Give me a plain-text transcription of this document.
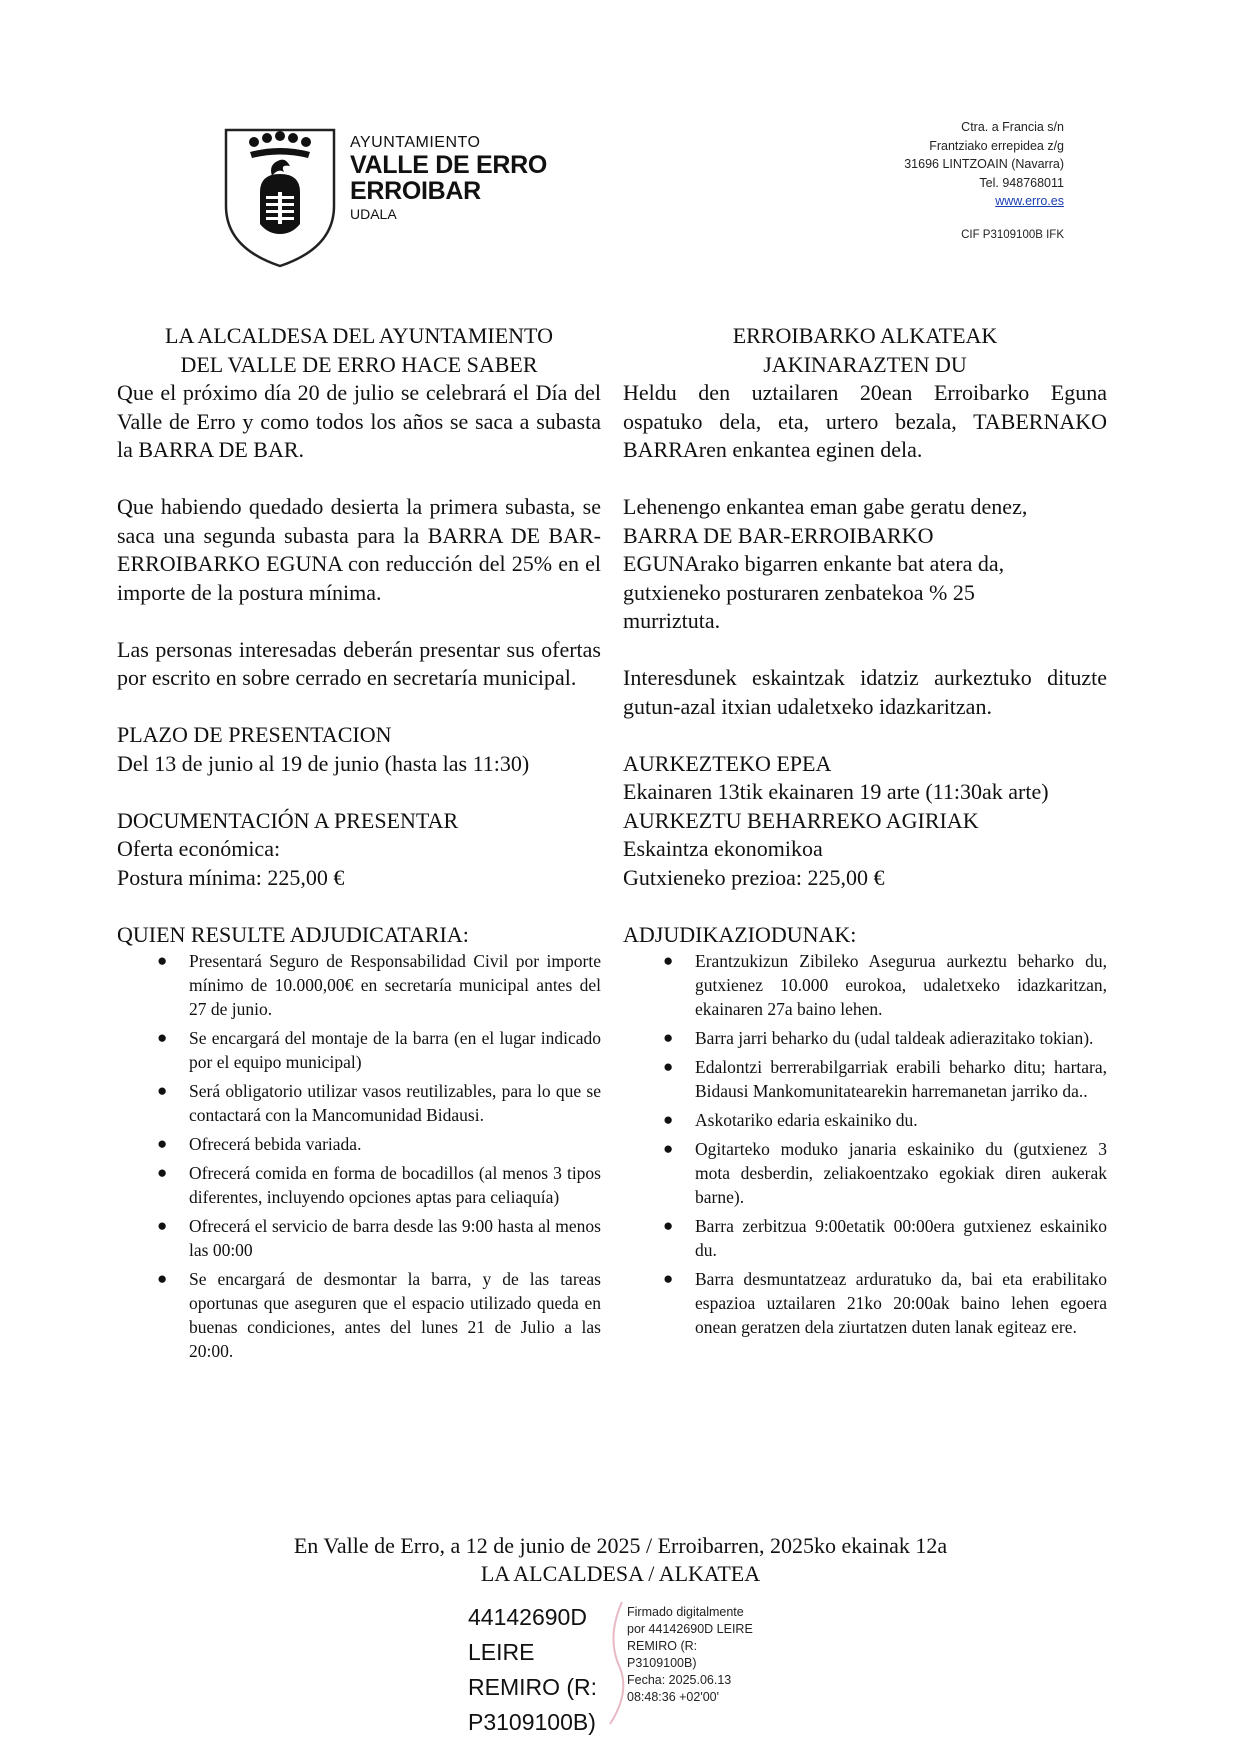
AYUNTAMIENTO
VALLE DE ERRO
ERROIBAR
UDALA
Ctra. a Francia s/n
Frantziako errepidea z/g
31696 LINTZOAIN (Navarra)
Tel. 948768011
www.erro.es
CIF P3109100B IFK
LA ALCALDESA DEL AYUNTAMIENTO
DEL VALLE DE ERRO HACE SABER

Que el próximo día 20 de julio se celebrará el Día del Valle de Erro y como todos los años se saca a subasta la BARRA DE BAR.

Que habiendo quedado desierta la primera subasta, se saca una segunda subasta para la BARRA DE BAR-ERROIBARKO EGUNA con reducción del 25% en el importe de la postura mínima.

Las personas interesadas deberán presentar sus ofertas por escrito en sobre cerrado en secretaría municipal.

PLAZO DE PRESENTACION

Del 13 de junio al 19 de junio (hasta las 11:30)

DOCUMENTACIÓN A PRESENTAR
Oferta económica:

Postura mínima: 225,00 €

QUIEN RESULTE ADJUDICATARIA:
● Presentará Seguro de Responsabilidad Civil por importe mínimo de 10.000,00€ en secretaría municipal antes del 27 de junio.
● Se encargará del montaje de la barra (en el lugar indicado por el equipo municipal)
● Será obligatorio utilizar vasos reutilizables, para lo que se contactará con la Mancomunidad Bidausi.
● Ofrecerá bebida variada.
● Ofrecerá comida en forma de bocadillos (al menos 3 tipos diferentes, incluyendo opciones aptas para celiaquía)
● Ofrecerá el servicio de barra desde las 9:00 hasta al menos las 00:00
● Se encargará de desmontar la barra, y de las tareas oportunas que aseguren que el espacio utilizado queda en buenas condiciones, antes del lunes 21 de Julio a las 20:00.
ERROIBARKO ALKATEAK
JAKINARAZTEN DU

Heldu den uztailaren 20ean Erroibarko Eguna ospatuko dela, eta, urtero bezala, TABERNAKO BARRAren enkantea eginen dela.

Lehenengo enkantea eman gabe geratu denez,
BARRA DE BAR-ERROIBARKO
EGUNArako bigarren enkante bat atera da,
gutxieneko posturaren zenbatekoa % 25

murriztuta.

Interesdunek eskaintzak idatziz aurkeztuko dituzte gutun-azal itxian udaletxeko idazkaritzan.

AURKEZTEKO EPEA
Ekainaren 13tik ekainaren 19 arte (11:30ak arte)
AURKEZTU BEHARREKO AGIRIAK
Eskaintza ekonomikoa

Gutxieneko prezioa: 225,00 €

ADJUDIKAZIODUNAK:
● Erantzukizun Zibileko Asegurua aurkeztu beharko du, gutxienez 10.000 eurokoa, udaletxeko idazkaritzan, ekainaren 27a baino lehen.
● Barra jarri beharko du (udal taldeak adierazitako tokian).
● Edalontzi berrerabilgarriak erabili beharko ditu; hartara, Bidausi Mankomunitatearekin harremanetan jarriko da..
● Askotariko edaria eskainiko du.
● Ogitarteko moduko janaria eskainiko du (gutxienez 3 mota desberdin, zeliakoentzako egokiak diren aukerak barne).
● Barra zerbitzua 9:00etatik 00:00era gutxienez eskainiko du.
● Barra desmuntatzeaz arduratuko da, bai eta erabilitako espazioa uztailaren 21ko 20:00ak baino lehen egoera onean geratzen dela ziurtatzen duten lanak egiteaz ere.
En Valle de Erro, a 12 de junio de 2025 / Erroibarren, 2025ko ekainak 12a
LA ALCALDESA / ALKATEA
44142690D
LEIRE
REMIRO (R:
P3109100B)
Firmado digitalmente
por 44142690D LEIRE
REMIRO (R:
P3109100B)
Fecha: 2025.06.13
08:48:36 +02'00'
